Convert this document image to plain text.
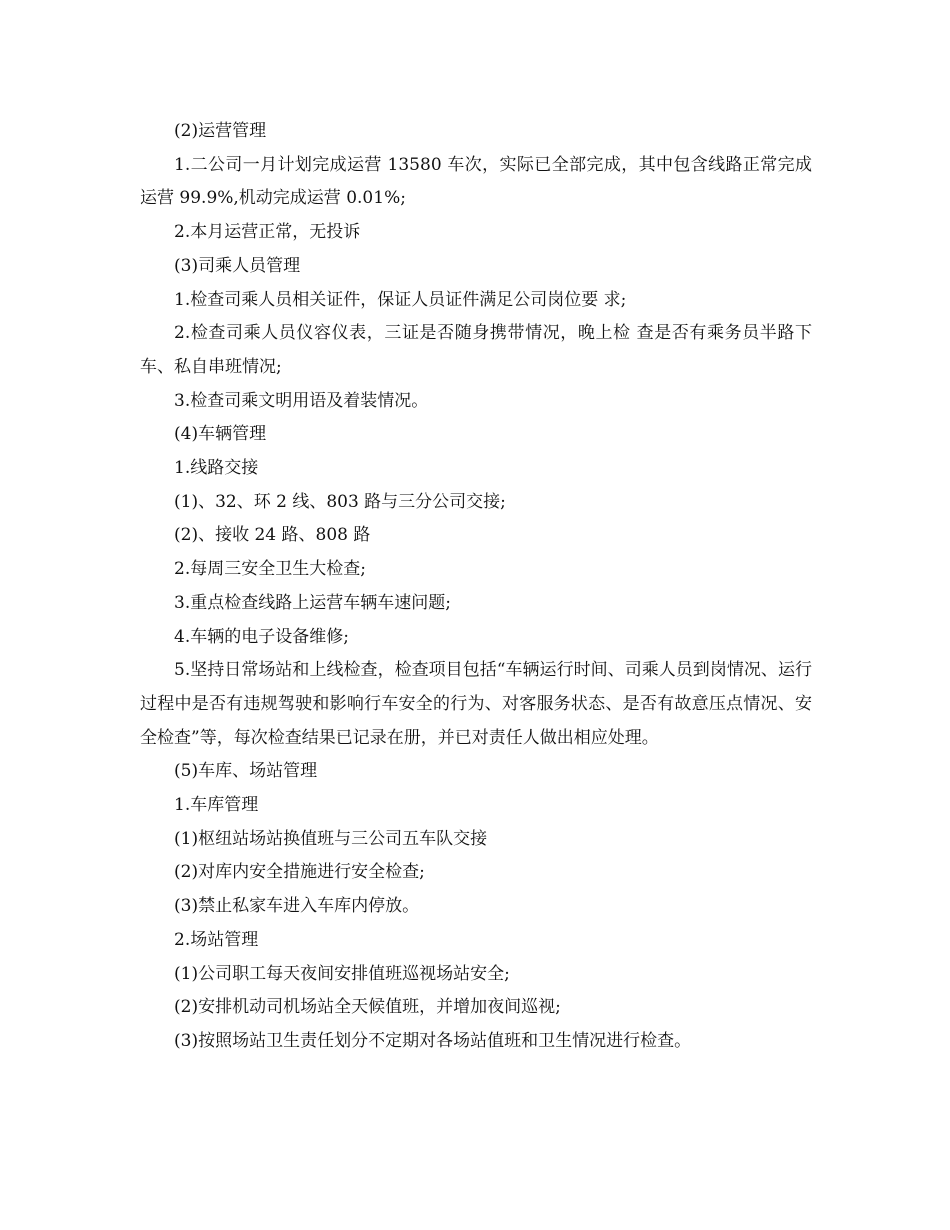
(2)运营管理

1.二公司一月计划完成运营 13580 车次，实际已全部完成，其中包含线路正常完成运营 99.9%,机动完成运营 0.01%;

2.本月运营正常，无投诉

(3)司乘人员管理

1.检查司乘人员相关证件，保证人员证件满足公司岗位要 求;

2.检查司乘人员仪容仪表，三证是否随身携带情况，晚上检 查是否有乘务员半路下车、私自串班情况;

3.检查司乘文明用语及着装情况。

(4)车辆管理

1.线路交接

(1)、32、环 2 线、803 路与三分公司交接;

(2)、接收 24 路、808 路

2.每周三安全卫生大检查;

3.重点检查线路上运营车辆车速问题;

4.车辆的电子设备维修;

5.坚持日常场站和上线检查，检查项目包括“车辆运行时间、司乘人员到岗情况、运行过程中是否有违规驾驶和影响行车安全的行为、对客服务状态、是否有故意压点情况、安全检查”等，每次检查结果已记录在册，并已对责任人做出相应处理。

(5)车库、场站管理

1.车库管理

(1)枢纽站场站换值班与三公司五车队交接

(2)对库内安全措施进行安全检查;

(3)禁止私家车进入车库内停放。

2.场站管理

(1)公司职工每天夜间安排值班巡视场站安全;

(2)安排机动司机场站全天候值班，并增加夜间巡视;

(3)按照场站卫生责任划分不定期对各场站值班和卫生情况进行检查。
